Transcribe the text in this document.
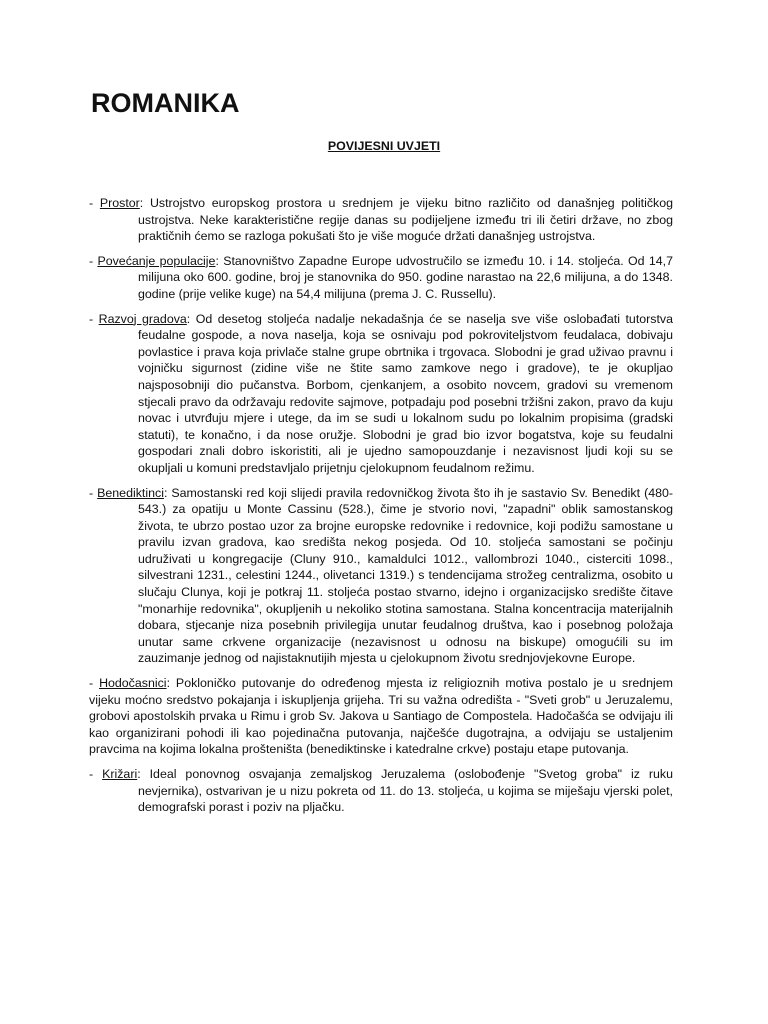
ROMANIKA
POVIJESNI UVJETI

- Prostor: Ustrojstvo europskog prostora u srednjem je vijeku bitno različito od današnjeg političkog ustrojstva. Neke karakteristične regije danas su podijeljene između tri ili četiri države, no zbog praktičnih ćemo se razloga pokušati što je više moguće držati današnjeg ustrojstva.

- Povećanje populacije: Stanovništvo Zapadne Europe udvostručilo se između 10. i 14. stoljeća. Od 14,7 milijuna oko 600. godine, broj je stanovnika do 950. godine narastao na 22,6 milijuna, a do 1348. godine (prije velike kuge) na 54,4 milijuna (prema J. C. Russellu).

- Razvoj gradova: Od desetog stoljeća nadalje nekadašnja će se naselja sve više oslobađati tutorstva feudalne gospode, a nova naselja, koja se osnivaju pod pokroviteljstvom feudalaca, dobivaju povlastice i prava koja privlače stalne grupe obrtnika i trgovaca. Slobodni je grad uživao pravnu i vojničku sigurnost (zidine više ne štite samo zamkove nego i gradove), te je okupljao najsposobniji dio pučanstva. Borbom, cjenkanjem, a osobito novcem, gradovi su vremenom stjecali pravo da održavaju redovite sajmove, potpadaju pod posebni tržišni zakon, pravo da kuju novac i utvrđuju mjere i utege, da im se sudi u lokalnom sudu po lokalnim propisima (gradski statuti), te konačno, i da nose oružje. Slobodni je grad bio izvor bogatstva, koje su feudalni gospodari znali dobro iskoristiti, ali je ujedno samopouzdanje i nezavisnost ljudi koji su se okupljali u komuni predstavljalo prijetnju cjelokupnom feudalnom režimu.

- Benediktinci: Samostanski red koji slijedi pravila redovničkog života što ih je sastavio Sv. Benedikt (480-543.) za opatiju u Monte Cassinu (528.), čime je stvorio novi, "zapadni" oblik samostanskog života, te ubrzo postao uzor za brojne europske redovnike i redovnice, koji podižu samostane u pravilu izvan gradova, kao središta nekog posjeda. Od 10. stoljeća samostani se počinju udruživati u kongregacije (Cluny 910., kamaldulci 1012., vallombrozi 1040., cisterciti 1098., silvestrani 1231., celestini 1244., olivetanci 1319.) s tendencijama strožeg centralizma, osobito u slučaju Clunya, koji je potkraj 11. stoljeća postao stvarno, idejno i organizacijsko središte čitave "monarhije redovnika", okupljenih u nekoliko stotina samostana. Stalna koncentracija materijalnih dobara, stjecanje niza posebnih privilegija unutar feudalnog društva, kao i posebnog položaja unutar same crkvene organizacije (nezavisnost u odnosu na biskupe) omogućili su im zauzimanje jednog od najistaknutijih mjesta u cjelokupnom životu srednjovjekovne Europe.

- Hodočasnici: Pokloničko putovanje do određenog mjesta iz religioznih motiva postalo je u srednjem vijeku moćno sredstvo pokajanja i iskupljenja grijeha. Tri su važna odredišta - "Sveti grob" u Jeruzalemu, grobovi apostolskih prvaka u Rimu i grob Sv. Jakova u Santiago de Compostela. Hadočašća se odvijaju ili kao organizirani pohodi ili kao pojedinačna putovanja, najčešće dugotrajna, a odvijaju se ustaljenim pravcima na kojima lokalna prošteništa (benediktinske i katedralne crkve) postaju etape putovanja.

- Križari: Ideal ponovnog osvajanja zemaljskog Jeruzalema (oslobođenje "Svetog groba" iz ruku nevjernika), ostvarivan je u nizu pokreta od 11. do 13. stoljeća, u kojima se miješaju vjerski polet, demografski porast i poziv na pljačku.
